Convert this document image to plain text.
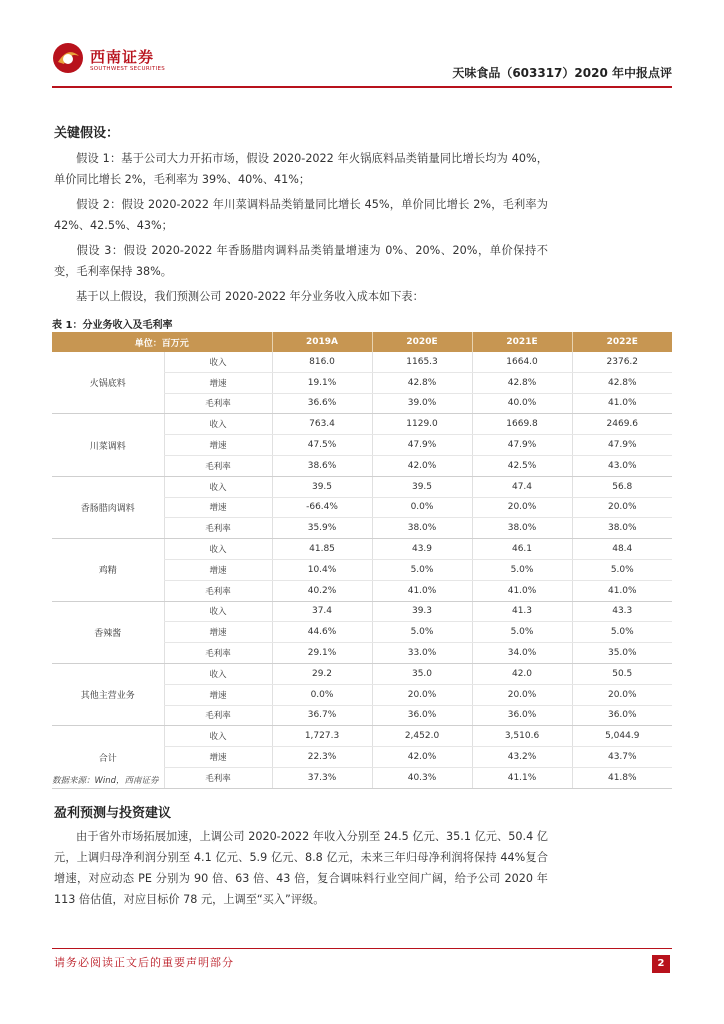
西南证券
SOUTHWEST SECURITIES	天味食品（603317）2020 年中报点评
关键假设：
假设 1：基于公司大力开拓市场，假设 2020-2022 年火锅底料品类销量同比增长均为 40%，单价同比增长 2%，毛利率为 39%、40%、41%；
假设 2：假设 2020-2022 年川菜调料品类销量同比增长 45%，单价同比增长 2%，毛利率为 42%、42.5%、43%；
假设 3：假设 2020-2022 年香肠腊肉调料品类销量增速为 0%、20%、20%，单价保持不变，毛利率保持 38%。
基于以上假设，我们预测公司 2020-2022 年分业务收入成本如下表：
表 1：分业务收入及毛利率
单位：百万元		2019A	2020E	2021E	2022E
火锅底料	收入	816.0	1165.3	1664.0	2376.2
	增速	19.1%	42.8%	42.8%	42.8%
	毛利率	36.6%	39.0%	40.0%	41.0%
川菜调料	收入	763.4	1129.0	1669.8	2469.6
	增速	47.5%	47.9%	47.9%	47.9%
	毛利率	38.6%	42.0%	42.5%	43.0%
香肠腊肉调料	收入	39.5	39.5	47.4	56.8
	增速	-66.4%	0.0%	20.0%	20.0%
	毛利率	35.9%	38.0%	38.0%	38.0%
鸡精	收入	41.85	43.9	46.1	48.4
	增速	10.4%	5.0%	5.0%	5.0%
	毛利率	40.2%	41.0%	41.0%	41.0%
香辣酱	收入	37.4	39.3	41.3	43.3
	增速	44.6%	5.0%	5.0%	5.0%
	毛利率	29.1%	33.0%	34.0%	35.0%
其他主营业务	收入	29.2	35.0	42.0	50.5
	增速	0.0%	20.0%	20.0%	20.0%
	毛利率	36.7%	36.0%	36.0%	36.0%
合计	收入	1,727.3	2,452.0	3,510.6	5,044.9
	增速	22.3%	42.0%	43.2%	43.7%
	毛利率	37.3%	40.3%	41.1%	41.8%
数据来源：Wind，西南证券
盈利预测与投资建议
由于省外市场拓展加速，上调公司 2020-2022 年收入分别至 24.5 亿元、35.1 亿元、50.4 亿元，上调归母净利润分别至 4.1 亿元、5.9 亿元、8.8 亿元，未来三年归母净利润将保持 44%复合增速，对应动态 PE 分别为 90 倍、63 倍、43 倍，复合调味料行业空间广阔，给予公司 2020 年 113 倍估值，对应目标价 78 元，上调至“买入”评级。
请务必阅读正文后的重要声明部分	2
